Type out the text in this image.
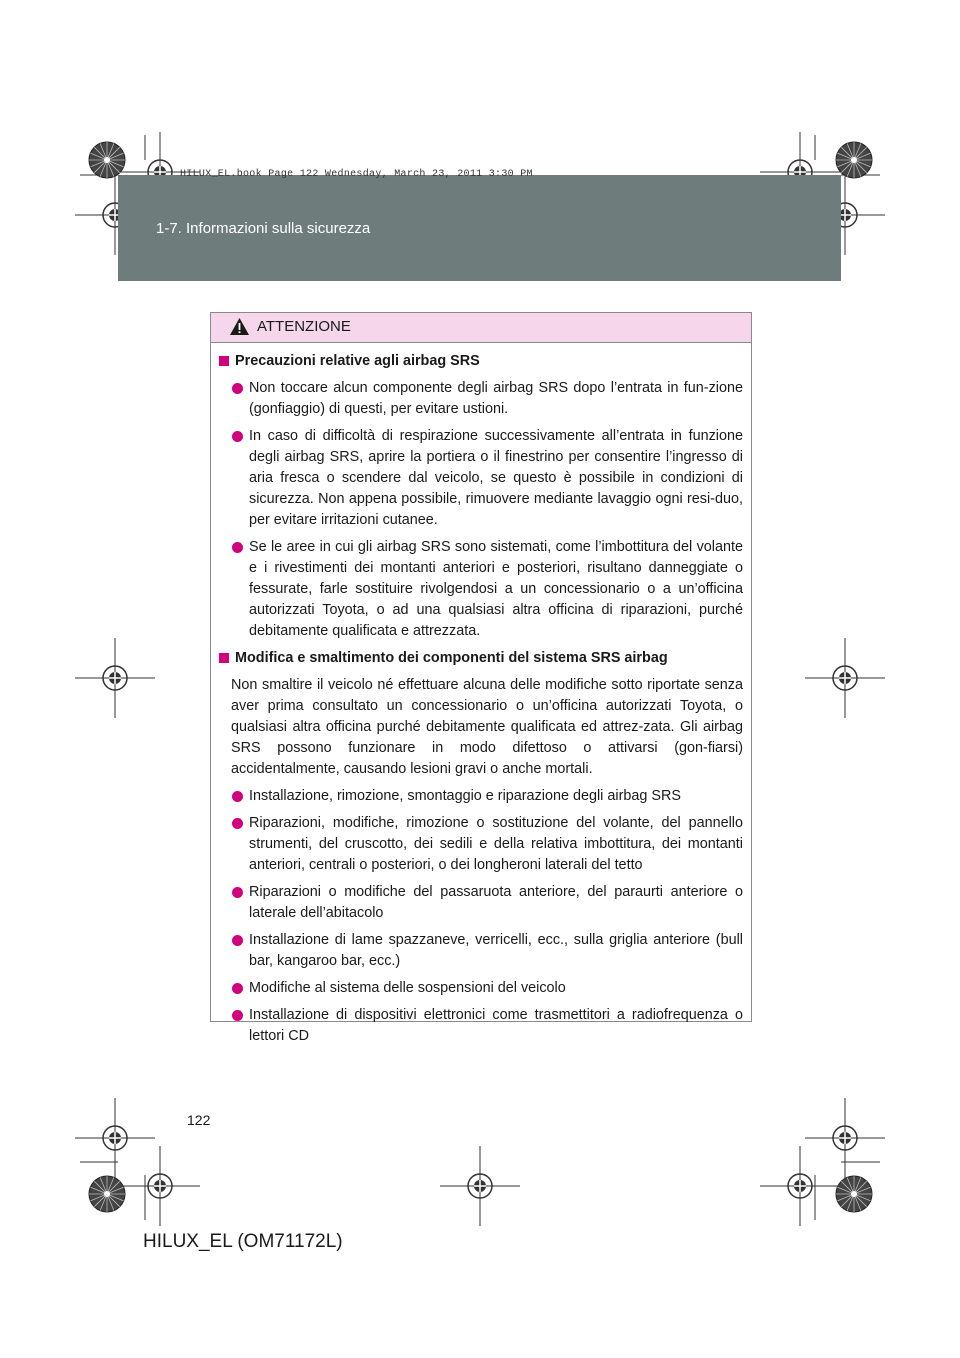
1-7. Informazioni sulla sicurezza
HILUX_EL.book Page 122 Wednesday, March 23, 2011 3:30 PM
ATTENZIONE
Precauzioni relative agli airbag SRS
Non toccare alcun componente degli airbag SRS dopo l’entrata in fun-zione (gonfiaggio) di questi, per evitare ustioni.
In caso di difficoltà di respirazione successivamente all’entrata in funzione degli airbag SRS, aprire la portiera o il finestrino per consentire l’ingresso di aria fresca o scendere dal veicolo, se questo è possibile in condizioni di sicurezza. Non appena possibile, rimuovere mediante lavaggio ogni resi-duo, per evitare irritazioni cutanee.
Se le aree in cui gli airbag SRS sono sistemati, come l’imbottitura del volante e i rivestimenti dei montanti anteriori e posteriori, risultano danneggiate o fessurate, farle sostituire rivolgendosi a un concessionario o a un’officina autorizzati Toyota, o ad una qualsiasi altra officina di riparazioni, purché debitamente qualificata e attrezzata.
Modifica e smaltimento dei componenti del sistema SRS airbag
Non smaltire il veicolo né effettuare alcuna delle modifiche sotto riportate senza aver prima consultato un concessionario o un’officina autorizzati Toyota, o qualsiasi altra officina purché debitamente qualificata ed attrez-zata. Gli airbag SRS possono funzionare in modo difettoso o attivarsi (gon-fiarsi) accidentalmente, causando lesioni gravi o anche mortali.
Installazione, rimozione, smontaggio e riparazione degli airbag SRS
Riparazioni, modifiche, rimozione o sostituzione del volante, del pannello strumenti, del cruscotto, dei sedili e della relativa imbottitura, dei montanti anteriori, centrali o posteriori, o dei longheroni laterali del tetto
Riparazioni o modifiche del passaruota anteriore, del paraurti anteriore o laterale dell’abitacolo
Installazione di lame spazzaneve, verricelli, ecc., sulla griglia anteriore (bull bar, kangaroo bar, ecc.)
Modifiche al sistema delle sospensioni del veicolo
Installazione di dispositivi elettronici come trasmettitori a radiofrequenza o lettori CD
122
HILUX_EL (OM71172L)
